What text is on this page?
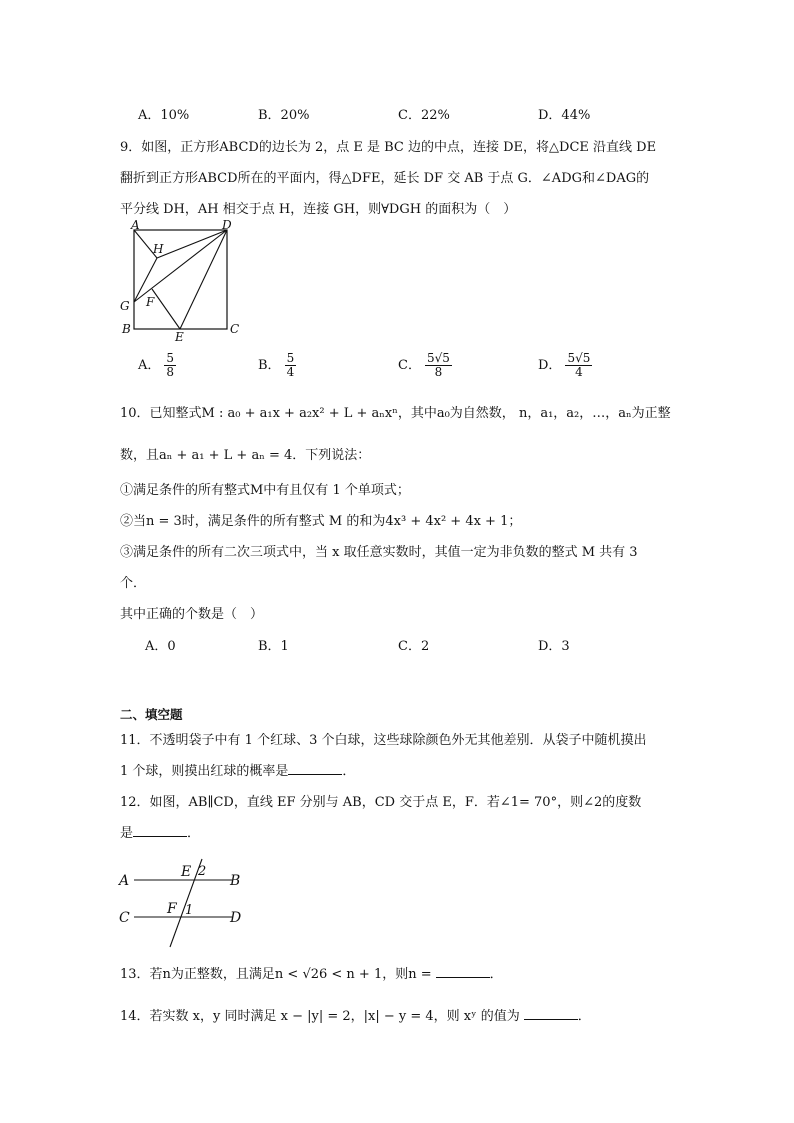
A．10%	B．20%	C．22%	D．44%
9．如图，正方形ABCD的边长为 2，点 E 是 BC 边的中点，连接 DE，将△DCE 沿直线 DE
翻折到正方形ABCD所在的平面内，得△DFE，延长 DF 交 AB 于点 G．∠ADG和∠DAG的
平分线 DH，AH 相交于点 H，连接 GH，则∀DGH 的面积为（　）
A	D
H
G F
B
E
C
A． $\frac{5}{8}$	B． $\frac{5}{4}$	C． $\frac{5√5}{8}$	D． $\frac{5√5}{4}$
10．已知整式M : a₀ + a₁x + a₂x² + L + aₙxⁿ，其中a₀为自然数， n，a₁，a₂，…，aₙ为正整
数，且aₙ + a₁ + L + aₙ = 4．下列说法：
①满足条件的所有整式M中有且仅有 1 个单项式；
②当n = 3时，满足条件的所有整式 M 的和为4x³ + 4x² + 4x + 1；
③满足条件的所有二次三项式中，当 x 取任意实数时，其值一定为非负数的整式 M 共有 3
个．
其中正确的个数是（　）
A．0	B．1	C．2	D．3
二、填空题
11．不透明袋子中有 1 个红球、3 个白球，这些球除颜色外无其他差别．从袋子中随机摸出
1 个球，则摸出红球的概率是	．
12．如图，AB∥CD，直线 EF 分别与 AB，CD 交于点 E，F．若∠1= 70°，则∠2的度数
是	．
A	B
C	D
E
F
2
1
13．若n为正整数，且满足n < √26 < n + 1，则n =	．
14．若实数 x，y 同时满足 x − |y| = 2，|x| − y = 4，则 xʸ 的值为	．
